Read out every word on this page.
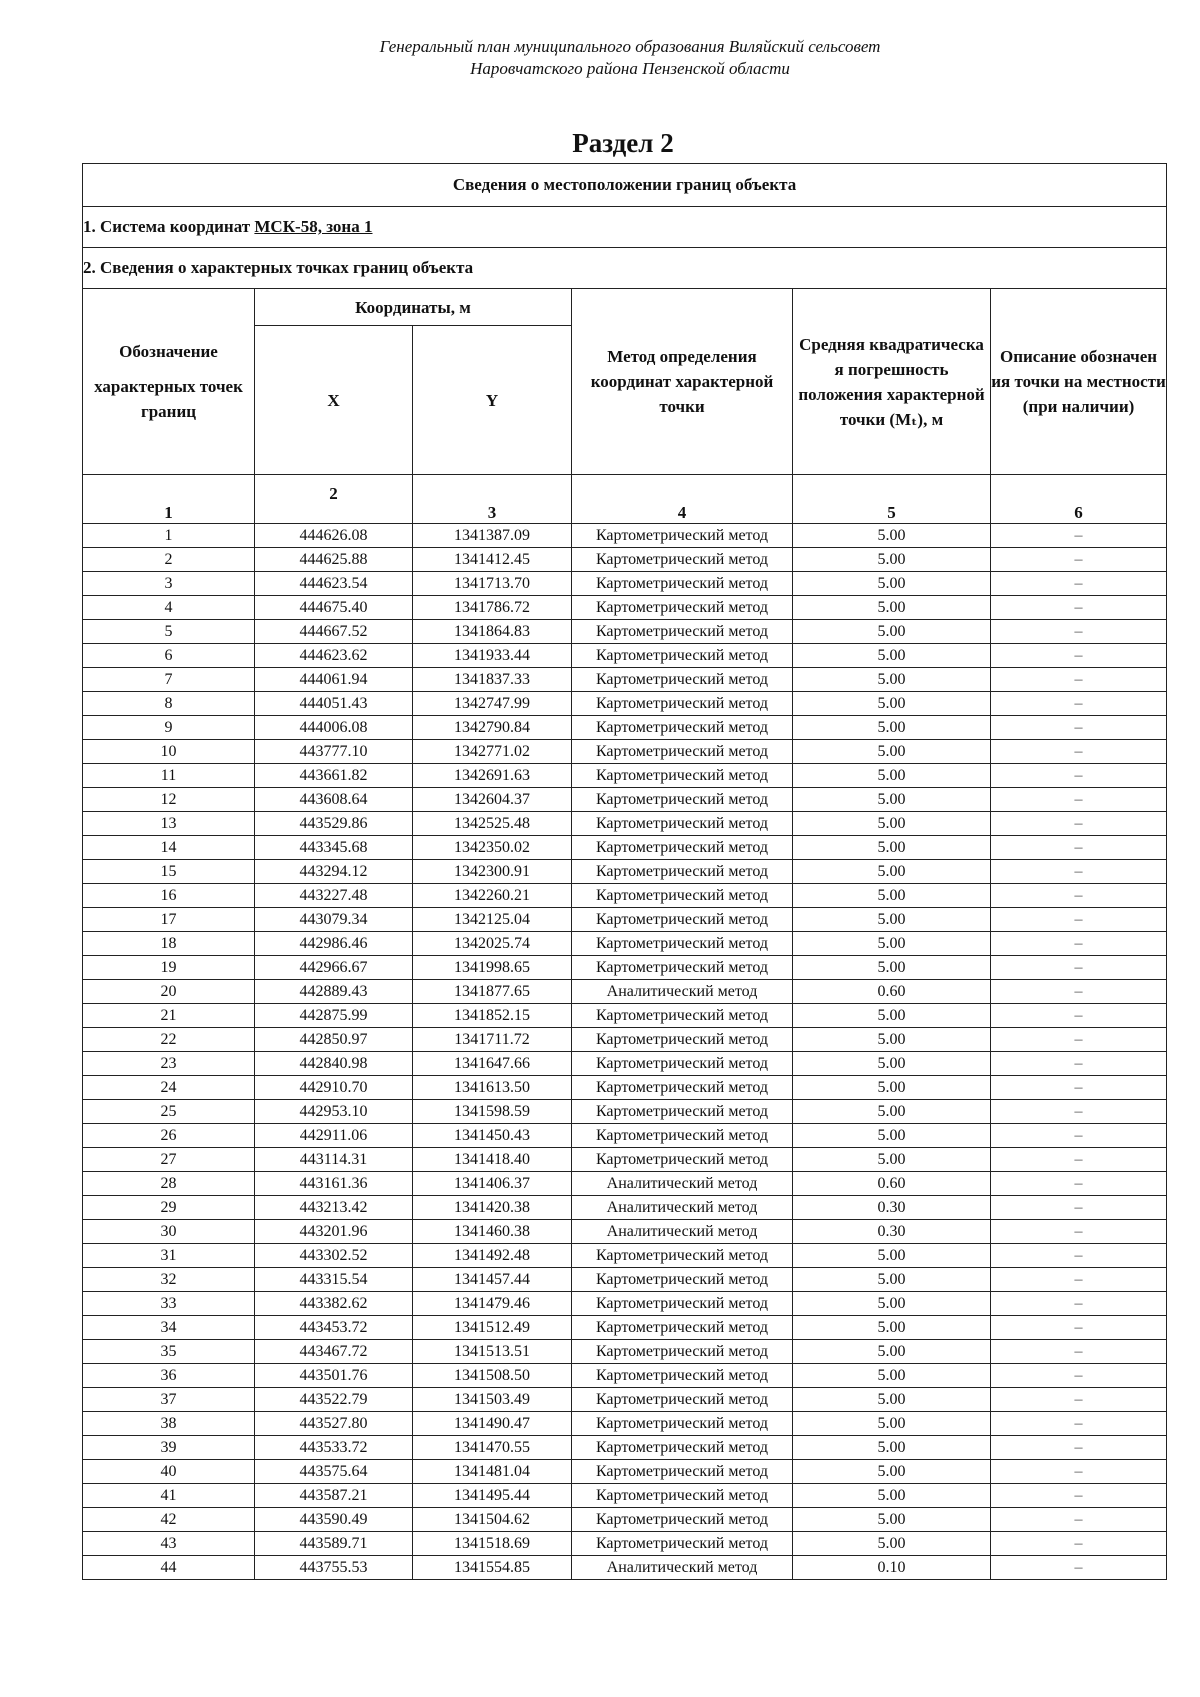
Генеральный план муниципального образования Виляйский сельсовет
Наровчатского района Пензенской области
Раздел 2
Сведения о местоположении границ объекта					
1. Система координат МСК-58, зона 1					
2. Сведения о характерных точках границ объекта					

Обозначение
характерных точек границ	Координаты, м		Метод определения координат характерной точки	Средняя квадратическа я погрешность положения характерной точки (Mₜ), м	Описание обозначен ия точки на местности (при наличии)
	X	Y			
1	2	3	4	5	6
1	444626.08	1341387.09	Картометрический метод	5.00	–
2	444625.88	1341412.45	Картометрический метод	5.00	–
3	444623.54	1341713.70	Картометрический метод	5.00	–
4	444675.40	1341786.72	Картометрический метод	5.00	–
5	444667.52	1341864.83	Картометрический метод	5.00	–
6	444623.62	1341933.44	Картометрический метод	5.00	–
7	444061.94	1341837.33	Картометрический метод	5.00	–
8	444051.43	1342747.99	Картометрический метод	5.00	–
9	444006.08	1342790.84	Картометрический метод	5.00	–
10	443777.10	1342771.02	Картометрический метод	5.00	–
11	443661.82	1342691.63	Картометрический метод	5.00	–
12	443608.64	1342604.37	Картометрический метод	5.00	–
13	443529.86	1342525.48	Картометрический метод	5.00	–
14	443345.68	1342350.02	Картометрический метод	5.00	–
15	443294.12	1342300.91	Картометрический метод	5.00	–
16	443227.48	1342260.21	Картометрический метод	5.00	–
17	443079.34	1342125.04	Картометрический метод	5.00	–
18	442986.46	1342025.74	Картометрический метод	5.00	–
19	442966.67	1341998.65	Картометрический метод	5.00	–
20	442889.43	1341877.65	Аналитический метод	0.60	–
21	442875.99	1341852.15	Картометрический метод	5.00	–
22	442850.97	1341711.72	Картометрический метод	5.00	–
23	442840.98	1341647.66	Картометрический метод	5.00	–
24	442910.70	1341613.50	Картометрический метод	5.00	–
25	442953.10	1341598.59	Картометрический метод	5.00	–
26	442911.06	1341450.43	Картометрический метод	5.00	–
27	443114.31	1341418.40	Картометрический метод	5.00	–
28	443161.36	1341406.37	Аналитический метод	0.60	–
29	443213.42	1341420.38	Аналитический метод	0.30	–
30	443201.96	1341460.38	Аналитический метод	0.30	–
31	443302.52	1341492.48	Картометрический метод	5.00	–
32	443315.54	1341457.44	Картометрический метод	5.00	–
33	443382.62	1341479.46	Картометрический метод	5.00	–
34	443453.72	1341512.49	Картометрический метод	5.00	–
35	443467.72	1341513.51	Картометрический метод	5.00	–
36	443501.76	1341508.50	Картометрический метод	5.00	–
37	443522.79	1341503.49	Картометрический метод	5.00	–
38	443527.80	1341490.47	Картометрический метод	5.00	–
39	443533.72	1341470.55	Картометрический метод	5.00	–
40	443575.64	1341481.04	Картометрический метод	5.00	–
41	443587.21	1341495.44	Картометрический метод	5.00	–
42	443590.49	1341504.62	Картометрический метод	5.00	–
43	443589.71	1341518.69	Картометрический метод	5.00	–
44	443755.53	1341554.85	Аналитический метод	0.10	–
